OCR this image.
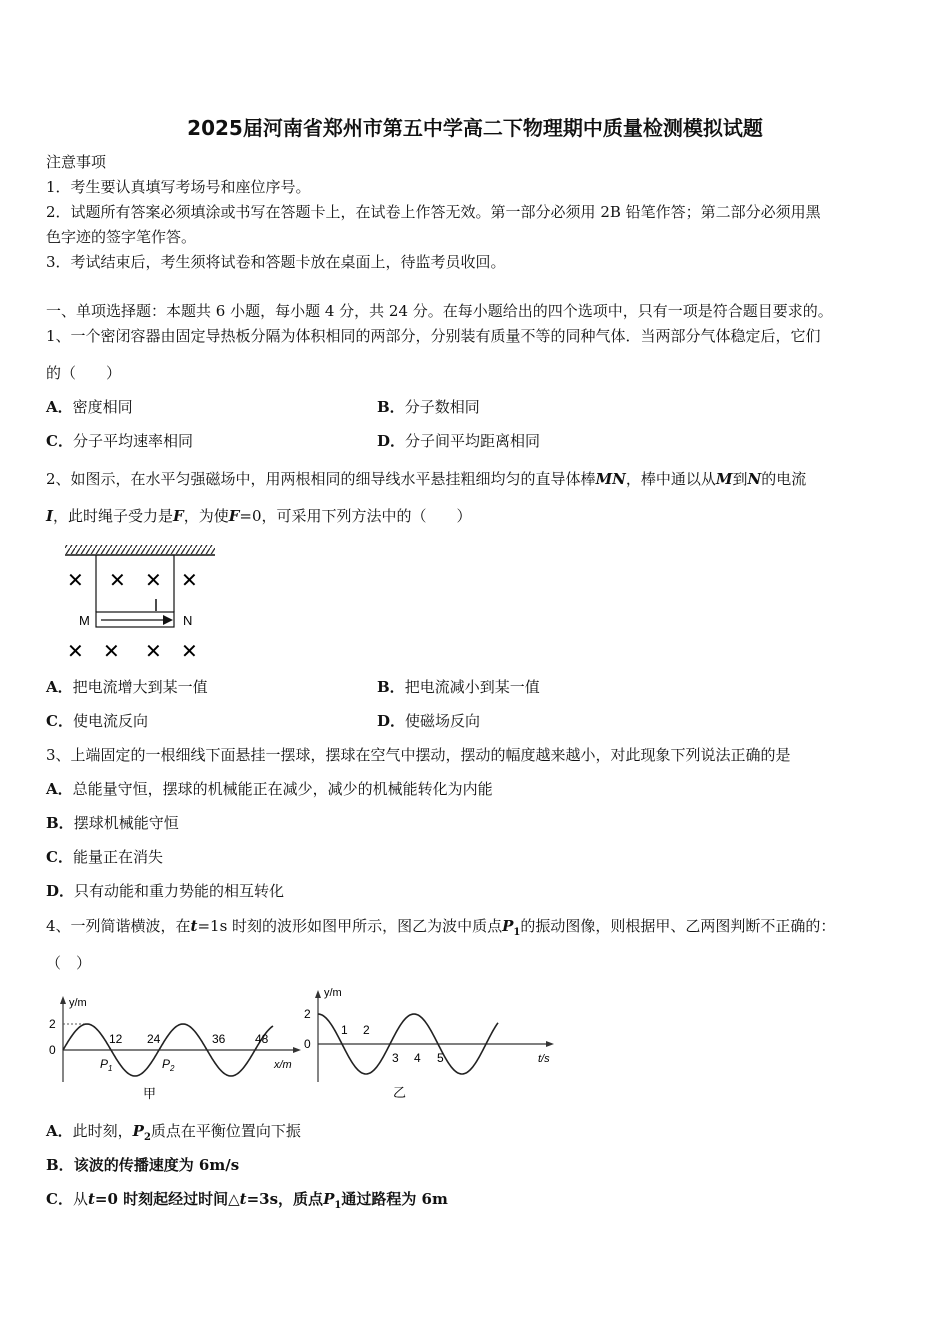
2025届河南省郑州市第五中学高二下物理期中质量检测模拟试题
注意事项
1．考生要认真填写考场号和座位序号。
2．试题所有答案必须填涂或书写在答题卡上，在试卷上作答无效。第一部分必须用 2B 铅笔作答；第二部分必须用黑
色字迹的签字笔作答。
3．考试结束后，考生须将试卷和答题卡放在桌面上，待监考员收回。
一、单项选择题：本题共 6 小题，每小题 4 分，共 24 分。在每小题给出的四个选项中，只有一项是符合题目要求的。
1、一个密闭容器由固定导热板分隔为体积相同的两部分，分别装有质量不等的同种气体．当两部分气体稳定后，它们
的（　　）
A．密度相同	B．分子数相同
C．分子平均速率相同	D．分子间平均距离相同
2、如图示，在水平匀强磁场中，用两根相同的细导线水平悬挂粗细均匀的直导体棒MN，棒中通以从M到N的电流
I，此时绳子受力是F，为使F=0，可采用下列方法中的（　　）
M	N
✕ ✕ ✕ ✕
✕ ✕ ✕ ✕
A．把电流增大到某一值	B．把电流减小到某一值
C．使电流反向	D．使磁场反向
3、上端固定的一根细线下面悬挂一摆球，摆球在空气中摆动，摆动的幅度越来越小，对此现象下列说法正确的是
A．总能量守恒，摆球的机械能正在减少，减少的机械能转化为内能
B．摆球机械能守恒
C．能量正在消失
D．只有动能和重力势能的相互转化
4、一列简谐横波，在t=1s 时刻的波形如图甲所示，图乙为波中质点$P_1$的振动图像，则根据甲、乙两图判断不正确的：
（　）
y/m
2
0
12 24	36 48
x/m
$P_1$	$P_2$
甲
y/m
2
0
1 2
3 4 5	t/s
乙
A．此时刻，$P_2$质点在平衡位置向下振
B．该波的传播速度为 6m/s
C．从t=0 时刻起经过时间△t=3s，质点$P_1$通过路程为 6m
